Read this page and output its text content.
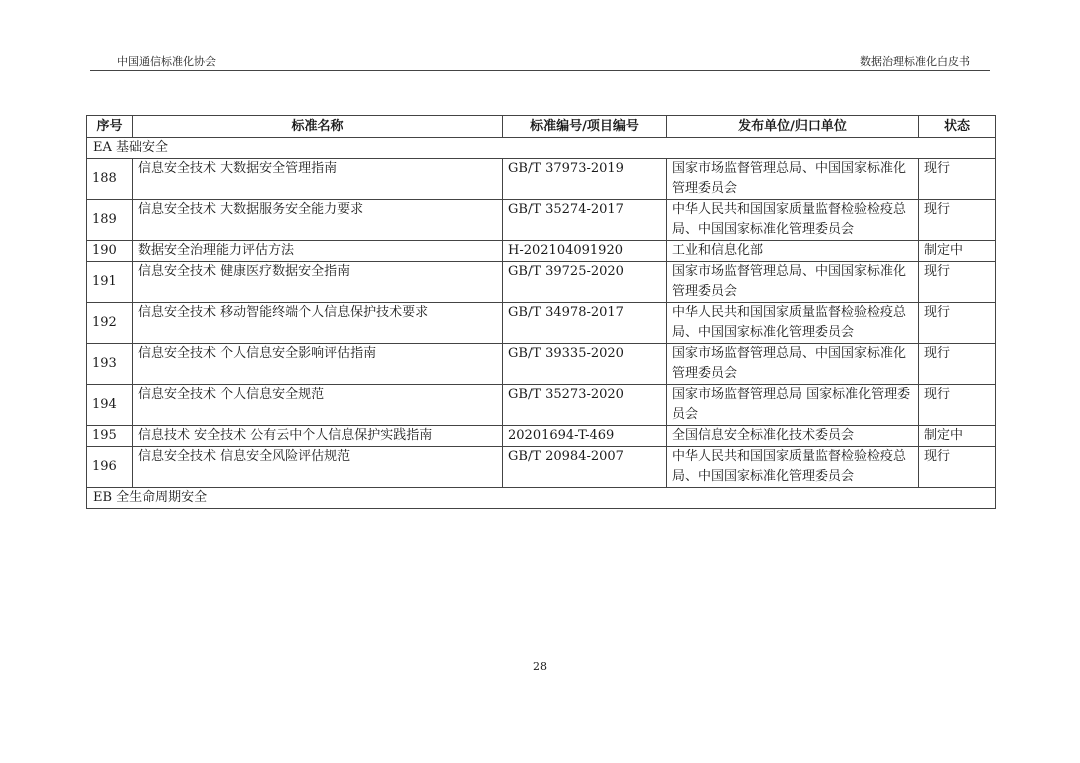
中国通信标准化协会	数据治理标准化白皮书
序号	标准名称	标准编号/项目编号	发布单位/归口单位	状态
EA 基础安全				
188	信息安全技术 大数据安全管理指南	GB/T 37973-2019	国家市场监督管理总局、中国国家标准化管理委员会	现行
189	信息安全技术 大数据服务安全能力要求	GB/T 35274-2017	中华人民共和国国家质量监督检验检疫总局、中国国家标准化管理委员会	现行
190	数据安全治理能力评估方法	H-202104091920	工业和信息化部	制定中
191	信息安全技术 健康医疗数据安全指南	GB/T 39725-2020	国家市场监督管理总局、中国国家标准化管理委员会	现行
192	信息安全技术 移动智能终端个人信息保护技术要求	GB/T 34978-2017	中华人民共和国国家质量监督检验检疫总局、中国国家标准化管理委员会	现行
193	信息安全技术 个人信息安全影响评估指南	GB/T 39335-2020	国家市场监督管理总局、中国国家标准化管理委员会	现行
194	信息安全技术 个人信息安全规范	GB/T 35273-2020	国家市场监督管理总局 国家标准化管理委员会	现行
195	信息技术 安全技术 公有云中个人信息保护实践指南	20201694-T-469	全国信息安全标准化技术委员会	制定中
196	信息安全技术 信息安全风险评估规范	GB/T 20984-2007	中华人民共和国国家质量监督检验检疫总局、中国国家标准化管理委员会	现行
EB 全生命周期安全				
28
